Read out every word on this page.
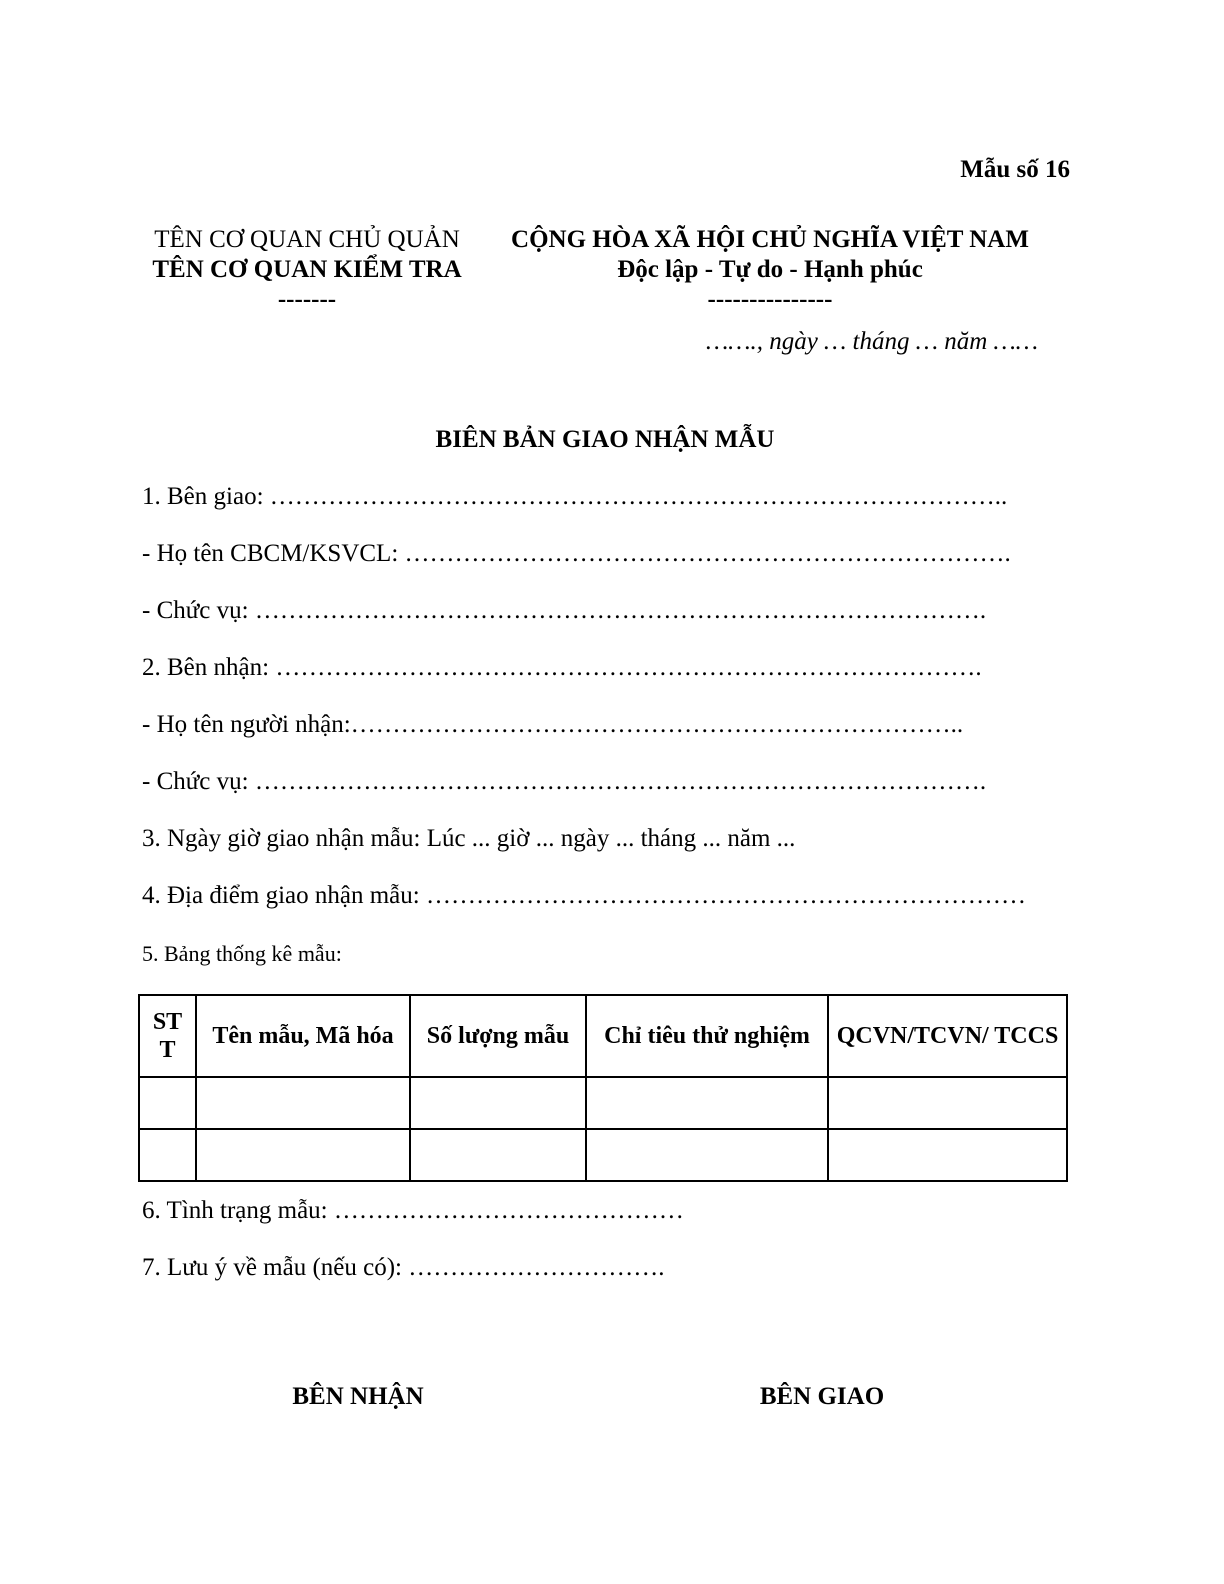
Mẫu số 16
TÊN CƠ QUAN CHỦ QUẢN
TÊN CƠ QUAN KIỂM TRA
-------
CỘNG HÒA XÃ HỘI CHỦ NGHĨA VIỆT NAM
Độc lập - Tự do - Hạnh phúc
---------------
……., ngày … tháng … năm ……
BIÊN BẢN GIAO NHẬN MẪU
1. Bên giao: ……………………………………………………………………………..
- Họ tên CBCM/KSVCL: ……………………………………………………………….
- Chức vụ: …………………………………………………………………………….
2. Bên nhận: ………………………………………………………………………….
- Họ tên người nhận:………………………………………………………………..
- Chức vụ: …………………………………………………………………………….
3. Ngày giờ giao nhận mẫu: Lúc ... giờ ... ngày ... tháng ... năm ...
4. Địa điểm giao nhận mẫu: ………………………………………………………………
5. Bảng thống kê mẫu:
ST T	Tên mẫu, Mã hóa	Số lượng mẫu	Chỉ tiêu thử nghiệm	QCVN/TCVN/ TCCS

6. Tình trạng mẫu: ……………………………………
7. Lưu ý về mẫu (nếu có): ………………………….
BÊN NHẬN	BÊN GIAO
